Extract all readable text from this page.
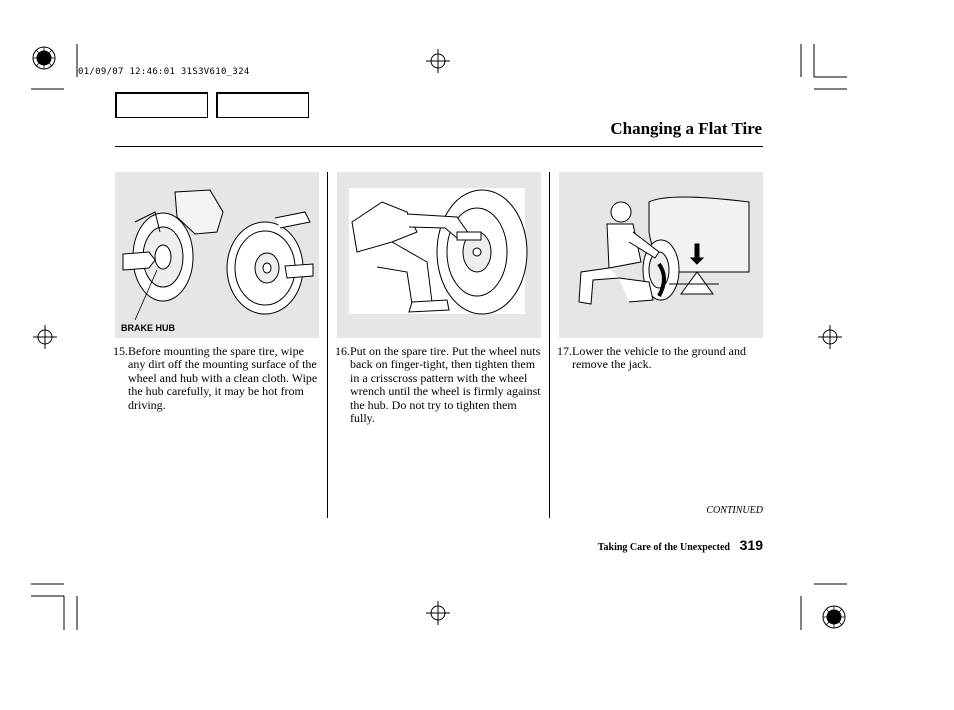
01/09/07 12:46:01 31S3V610_324
Changing a Flat Tire
BRAKE HUB
15. Before mounting the spare tire, wipe any dirt off the mounting surface of the wheel and hub with a clean cloth. Wipe the hub carefully, it may be hot from driving.
16. Put on the spare tire. Put the wheel nuts back on finger-tight, then tighten them in a crisscross pattern with the wheel wrench until the wheel is firmly against the hub. Do not try to tighten them fully.
17. Lower the vehicle to the ground and remove the jack.
CONTINUED
Taking Care of the Unexpected 319
